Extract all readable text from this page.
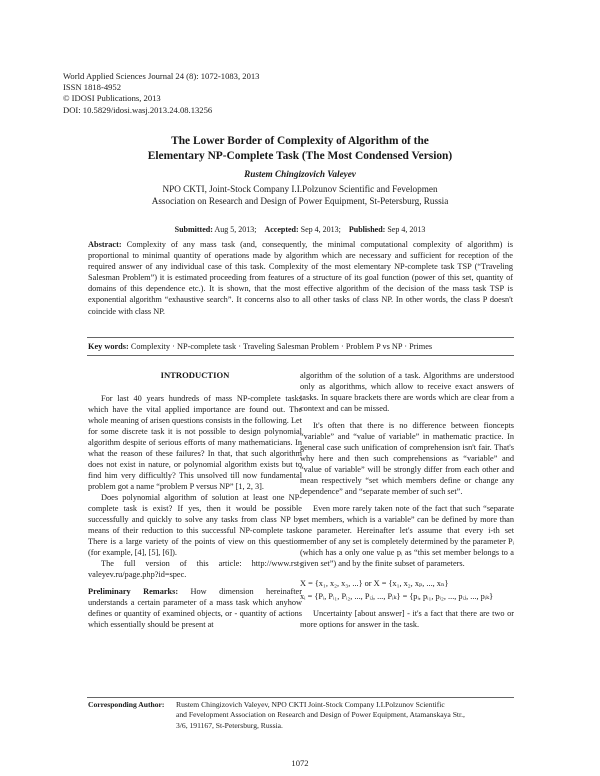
World Applied Sciences Journal 24 (8): 1072-1083, 2013
ISSN 1818-4952
© IDOSI Publications, 2013
DOI: 10.5829/idosi.wasj.2013.24.08.13256
The Lower Border of Complexity of Algorithm of the
Elementary NP-Complete Task (The Most Condensed Version)
Rustem Chingizovich Valeyev
NPO CKTI, Joint-Stock Company I.I.Polzunov Scientific and Fevelopmen
Association on Research and Design of Power Equipment, St-Petersburg, Russia
Submitted: Aug 5, 2013; Accepted: Sep 4, 2013; Published: Sep 4, 2013
Abstract: Complexity of any mass task (and, consequently, the minimal computational complexity of algorithm) is proportional to minimal quantity of operations made by algorithm which are necessary and sufficient for reception of the required answer of any individual case of this task. Complexity of the most elementary NP-complete task TSP (“Traveling Salesman Problem”) it is estimated proceeding from features of a structure of its goal function (power of this set, quantity of domains of this dependence etc.). It is shown, that the most effective algorithm of the decision of the mass task TSP is exponential algorithm “exhaustive search”. It concerns also to all other tasks of class NP. In other words, the class P doesn't coincide with class NP.
Key words: Complexity · NP-complete task · Traveling Salesman Problem · Problem P vs NP · Primes

INTRODUCTION

For last 40 years hundreds of mass NP-complete tasks which have the vital applied importance are found out. The whole meaning of arisen questions consists in the following. Let for some discrete task it is not possible to design polynomial algorithm despite of serious efforts of many mathematicians. In what the reason of these failures? In that, that such algorithm does not exist in nature, or polynomial algorithm exists but to find him very difficultly? This unsolved till now fundamental problem got a name “problem P versus NP” [1, 2, 3].

Does polynomial algorithm of solution at least one NP-complete task is exist? If yes, then it would be possible successfully and quickly to solve any tasks from class NP by means of their reduction to this successful NP-complete task. There is a large variety of the points of view on this question (for example, [4], [5], [6]).

The full version of this article: http://www.rst-valeyev.ru/page.php?id=spec.

Preliminary Remarks: How dimension hereinafter understands a certain parameter of a mass task which anyhow defines or quantity of examined objects, or - quantity of actions which essentially should be present at

algorithm of the solution of a task. Algorithms are understood only as algorithms, which allow to receive exact answers of tasks. In square brackets there are words which are clear from a context and can be missed.

It's often that there is no difference between fioncepts “variable” and “value of variable” in mathematic practice. In general case such unification of comprehension isn't fair. That's why here and then such comprehensions as “variable” and “value of variable” will be strongly differ from each other and mean respectively “set which members define or change any dependence” and “separate member of such set”.

Even more rarely taken note of the fact that such “separate set members, which is a variable” can be defined by more than one parameter. Hereinafter let's assume that every i-th set member of any set is completely determined by the parameter Pᵢ (which has a only one value pᵢ as “this set member belongs to a given set”) and by the finite subset of parameters.

X = {x₁, x₂, x₃, ...} or X = {x₁, x₂, xₚ, ..., xₙ}

xᵢ = {Pᵢ, Pᵢ₁, Pᵢ₂, ..., Pᵢⱼ, ..., Pᵢₖ} = {pᵢ, pᵢ₁, pᵢ₂, ..., pᵢⱼ, ..., pᵢₖ}

Uncertainty [about answer] - it's a fact that there are two or more options for answer in the task.

Corresponding Author: Rustem Chingizovich Valeyev, NPO CKTI Joint-Stock Company I.I.Polzunov Scientific
and Fevelopment Association on Research and Design of Power Equipment, Atamanskaya Str.,
3/6, 191167, St-Petersburg, Russia.
1072
